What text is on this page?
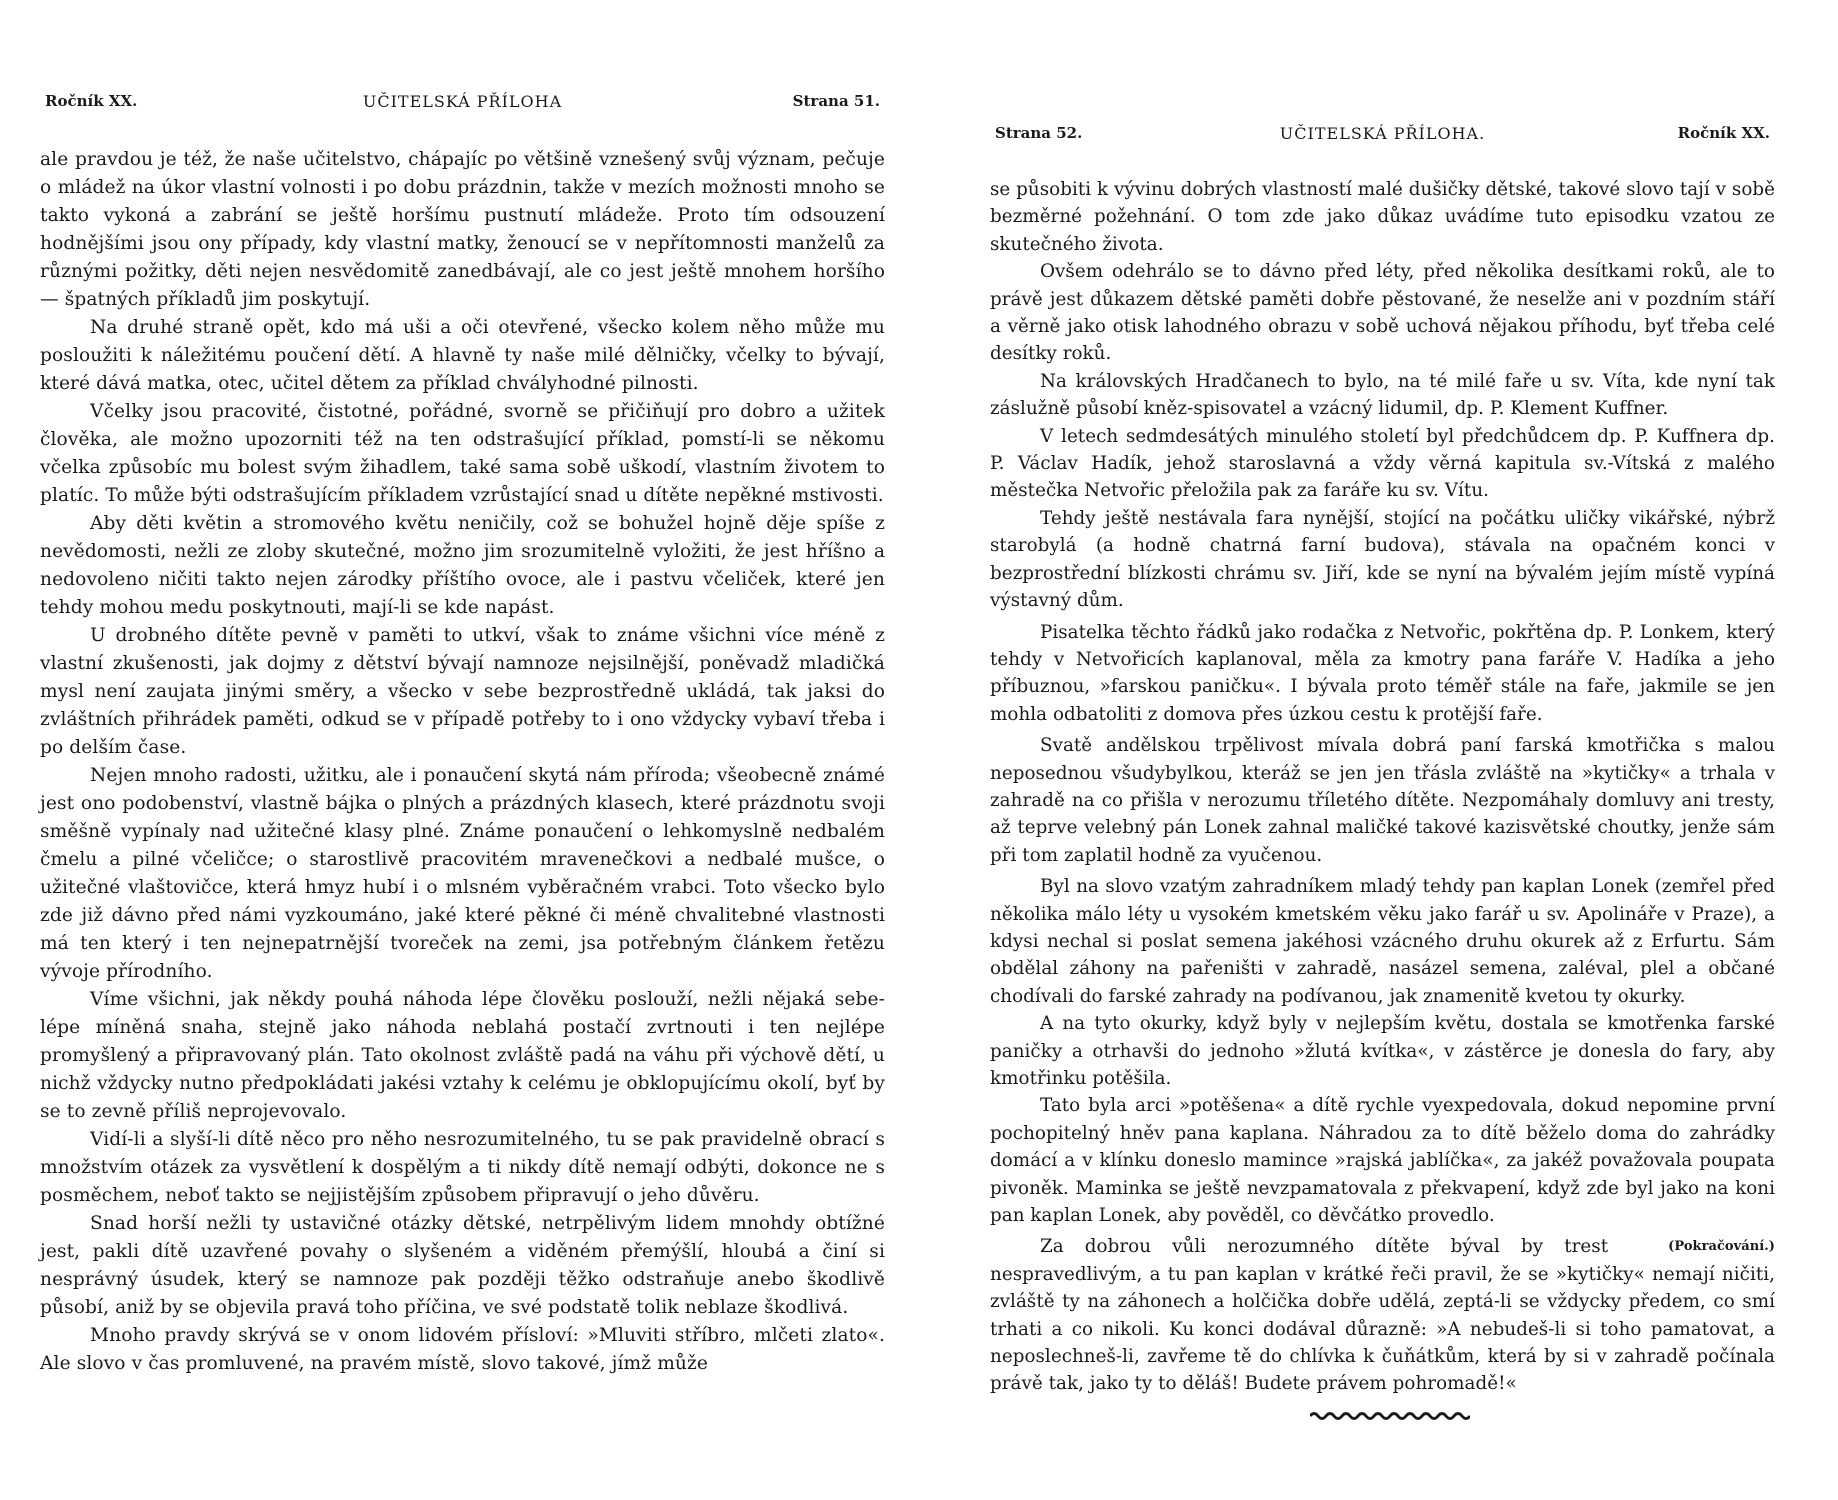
Ročník XX.	UČITELSKÁ PŘÍLOHA	Strana 51.

ale pravdou je též, že naše učitelstvo, chápajíc po většině vznešený svůj význam, pečuje o mládež na úkor vlastní volnosti i po dobu prázdnin, takže v mezích možnosti mnoho se takto vykoná a zabrání se ještě horšímu pustnutí mládeže. Proto tím odsouzení hodnějšími jsou ony případy, kdy vlastní matky, ženoucí se v nepřítomnosti manželů za různými požitky, děti nejen nesvědomitě zanedbávají, ale co jest ještě mnohem horšího — špatných příkladů jim poskytují.

Na druhé straně opět, kdo má uši a oči otevřené, všecko kolem něho může mu posloužiti k náležitému poučení dětí. A hlavně ty naše milé dělničky, včelky to bývají, které dává matka, otec, učitel dětem za příklad chvályhodné pilnosti.

Včelky jsou pracovité, čistotné, pořádné, svorně se přičiňují pro dobro a užitek člověka, ale možno upozorniti též na ten odstrašující příklad, pomstí-li se někomu včelka způsobíc mu bolest svým žihadlem, také sama sobě uškodí, vlastním životem to platíc. To může býti odstrašujícím příkladem vzrůstající snad u dítěte nepěkné mstivosti.

Aby děti květin a stromového květu neničily, což se bohužel hojně děje spíše z nevědomosti, nežli ze zloby skutečné, možno jim srozumitelně vyložiti, že jest hříšno a nedovoleno ničiti takto nejen zárodky příštího ovoce, ale i pastvu včeliček, které jen tehdy mohou medu poskytnouti, mají-li se kde napást.

U drobného dítěte pevně v paměti to utkví, však to známe všichni více méně z vlastní zkušenosti, jak dojmy z dětství bývají namnoze nejsilnější, poněvadž mladičká mysl není zaujata jinými směry, a všecko v sebe bezprostředně ukládá, tak jaksi do zvláštních přihrádek paměti, odkud se v případě potřeby to i ono vždycky vybaví třeba i po delším čase.

Nejen mnoho radosti, užitku, ale i ponaučení skytá nám příroda; všeobecně známé jest ono podobenství, vlastně bájka o plných a prázdných klasech, které prázdnotu svoji směšně vypínaly nad užitečné klasy plné. Známe ponaučení o lehkomyslně nedbalém čmelu a pilné včeličce; o starostlivě pracovitém mravenečkovi a nedbalé mušce, o užitečné vlaštovičce, která hmyz hubí i o mlsném vyběračném vrabci. Toto všecko bylo zde již dávno před námi vyzkoumáno, jaké které pěkné či méně chvalitebné vlastnosti má ten který i ten nejnepatrnější tvoreček na zemi, jsa potřebným článkem řetězu vývoje přírodního.

Víme všichni, jak někdy pouhá náhoda lépe člověku poslouží, nežli nějaká sebe-lépe míněná snaha, stejně jako náhoda neblahá postačí zvrtnouti i ten nejlépe promyšlený a připravovaný plán. Tato okolnost zvláště padá na váhu při výchově dětí, u nichž vždycky nutno předpokládati jakési vztahy k celému je obklopujícímu okolí, byť by se to zevně příliš neprojevovalo.

Vidí-li a slyší-li dítě něco pro něho nesrozumitelného, tu se pak pravidelně obrací s množstvím otázek za vysvětlení k dospělým a ti nikdy dítě nemají odbýti, dokonce ne s posměchem, neboť takto se nejjistějším způsobem připravují o jeho důvěru.

Snad horší nežli ty ustavičné otázky dětské, netrpělivým lidem mnohdy obtížné jest, pakli dítě uzavřené povahy o slyšeném a viděném přemýšlí, hloubá a činí si nesprávný úsudek, který se namnoze pak později těžko odstraňuje anebo škodlivě působí, aniž by se objevila pravá toho příčina, ve své podstatě tolik neblaze škodlivá.

Mnoho pravdy skrývá se v onom lidovém přísloví: »Mluviti stříbro, mlčeti zlato«. Ale slovo v čas promluvené, na pravém místě, slovo takové, jímž může

Strana 52.	UČITELSKÁ PŘÍLOHA.	Ročník XX.

se působiti k vývinu dobrých vlastností malé dušičky dětské, takové slovo tají v sobě bezměrné požehnání. O tom zde jako důkaz uvádíme tuto episodku vzatou ze skutečného života.

Ovšem odehrálo se to dávno před léty, před několika desítkami roků, ale to právě jest důkazem dětské paměti dobře pěstované, že neselže ani v pozdním stáří a věrně jako otisk lahodného obrazu v sobě uchová nějakou příhodu, byť třeba celé desítky roků.

Na královských Hradčanech to bylo, na té milé faře u sv. Víta, kde nyní tak záslužně působí kněz-spisovatel a vzácný lidumil, dp. P. Klement Kuffner.

V letech sedmdesátých minulého století byl předchůdcem dp. P. Kuffnera dp. P. Václav Hadík, jehož staroslavná a vždy věrná kapitula sv.-Vítská z malého městečka Netvořic přeložila pak za faráře ku sv. Vítu.

Tehdy ještě nestávala fara nynější, stojící na počátku uličky vikářské, nýbrž starobylá (a hodně chatrná farní budova), stávala na opačném konci v bezprostřední blízkosti chrámu sv. Jiří, kde se nyní na bývalém jejím místě vypíná výstavný dům.

Pisatelka těchto řádků jako rodačka z Netvořic, pokřtěna dp. P. Lonkem, který tehdy v Netvořicích kaplanoval, měla za kmotry pana faráře V. Hadíka a jeho příbuznou, »farskou paničku«. I bývala proto téměř stále na faře, jakmile se jen mohla odbatoliti z domova přes úzkou cestu k protější faře.

Svatě andělskou trpělivost mívala dobrá paní farská kmotřička s malou neposednou všudybylkou, kteráž se jen jen třásla zvláště na »kytičky« a trhala v zahradě na co přišla v nerozumu tříletého dítěte. Nezpomáhaly domluvy ani tresty, až teprve velebný pán Lonek zahnal maličké takové kazisvětské choutky, jenže sám při tom zaplatil hodně za vyučenou.

Byl na slovo vzatým zahradníkem mladý tehdy pan kaplan Lonek (zemřel před několika málo léty u vysokém kmetském věku jako farář u sv. Apolináře v Praze), a kdysi nechal si poslat semena jakéhosi vzácného druhu okurek až z Erfurtu. Sám obdělal záhony na pařeništi v zahradě, nasázel semena, zaléval, plel a občané chodívali do farské zahrady na podívanou, jak znamenitě kvetou ty okurky.

A na tyto okurky, když byly v nejlepším květu, dostala se kmotřenka farské paničky a otrhavši do jednoho »žlutá kvítka«, v zástěrce je donesla do fary, aby kmotřinku potěšila.

Tato byla arci »potěšena« a dítě rychle vyexpedovala, dokud nepomine první pochopitelný hněv pana kaplana. Náhradou za to dítě běželo doma do zahrádky domácí a v klínku doneslo mamince »rajská jablíčka«, za jakéž považovala poupata pivoněk. Maminka se ještě nevzpamatovala z překvapení, když zde byl jako na koni pan kaplan Lonek, aby pověděl, co děvčátko provedlo.

(Pokračování.)
Za dobrou vůli nerozumného dítěte býval by trest nespravedlivým, a tu pan kaplan v krátké řeči pravil, že se »kytičky« nemají ničiti, zvláště ty na záhonech a holčička dobře udělá, zeptá-li se vždycky předem, co smí trhati a co nikoli. Ku konci dodával důrazně: »A nebudeš-li si toho pamatovat, a neposlechneš-li, zavřeme tě do chlívka k čuňátkům, která by si v zahradě počínala právě tak, jako ty to děláš! Budete právem pohromadě!«
